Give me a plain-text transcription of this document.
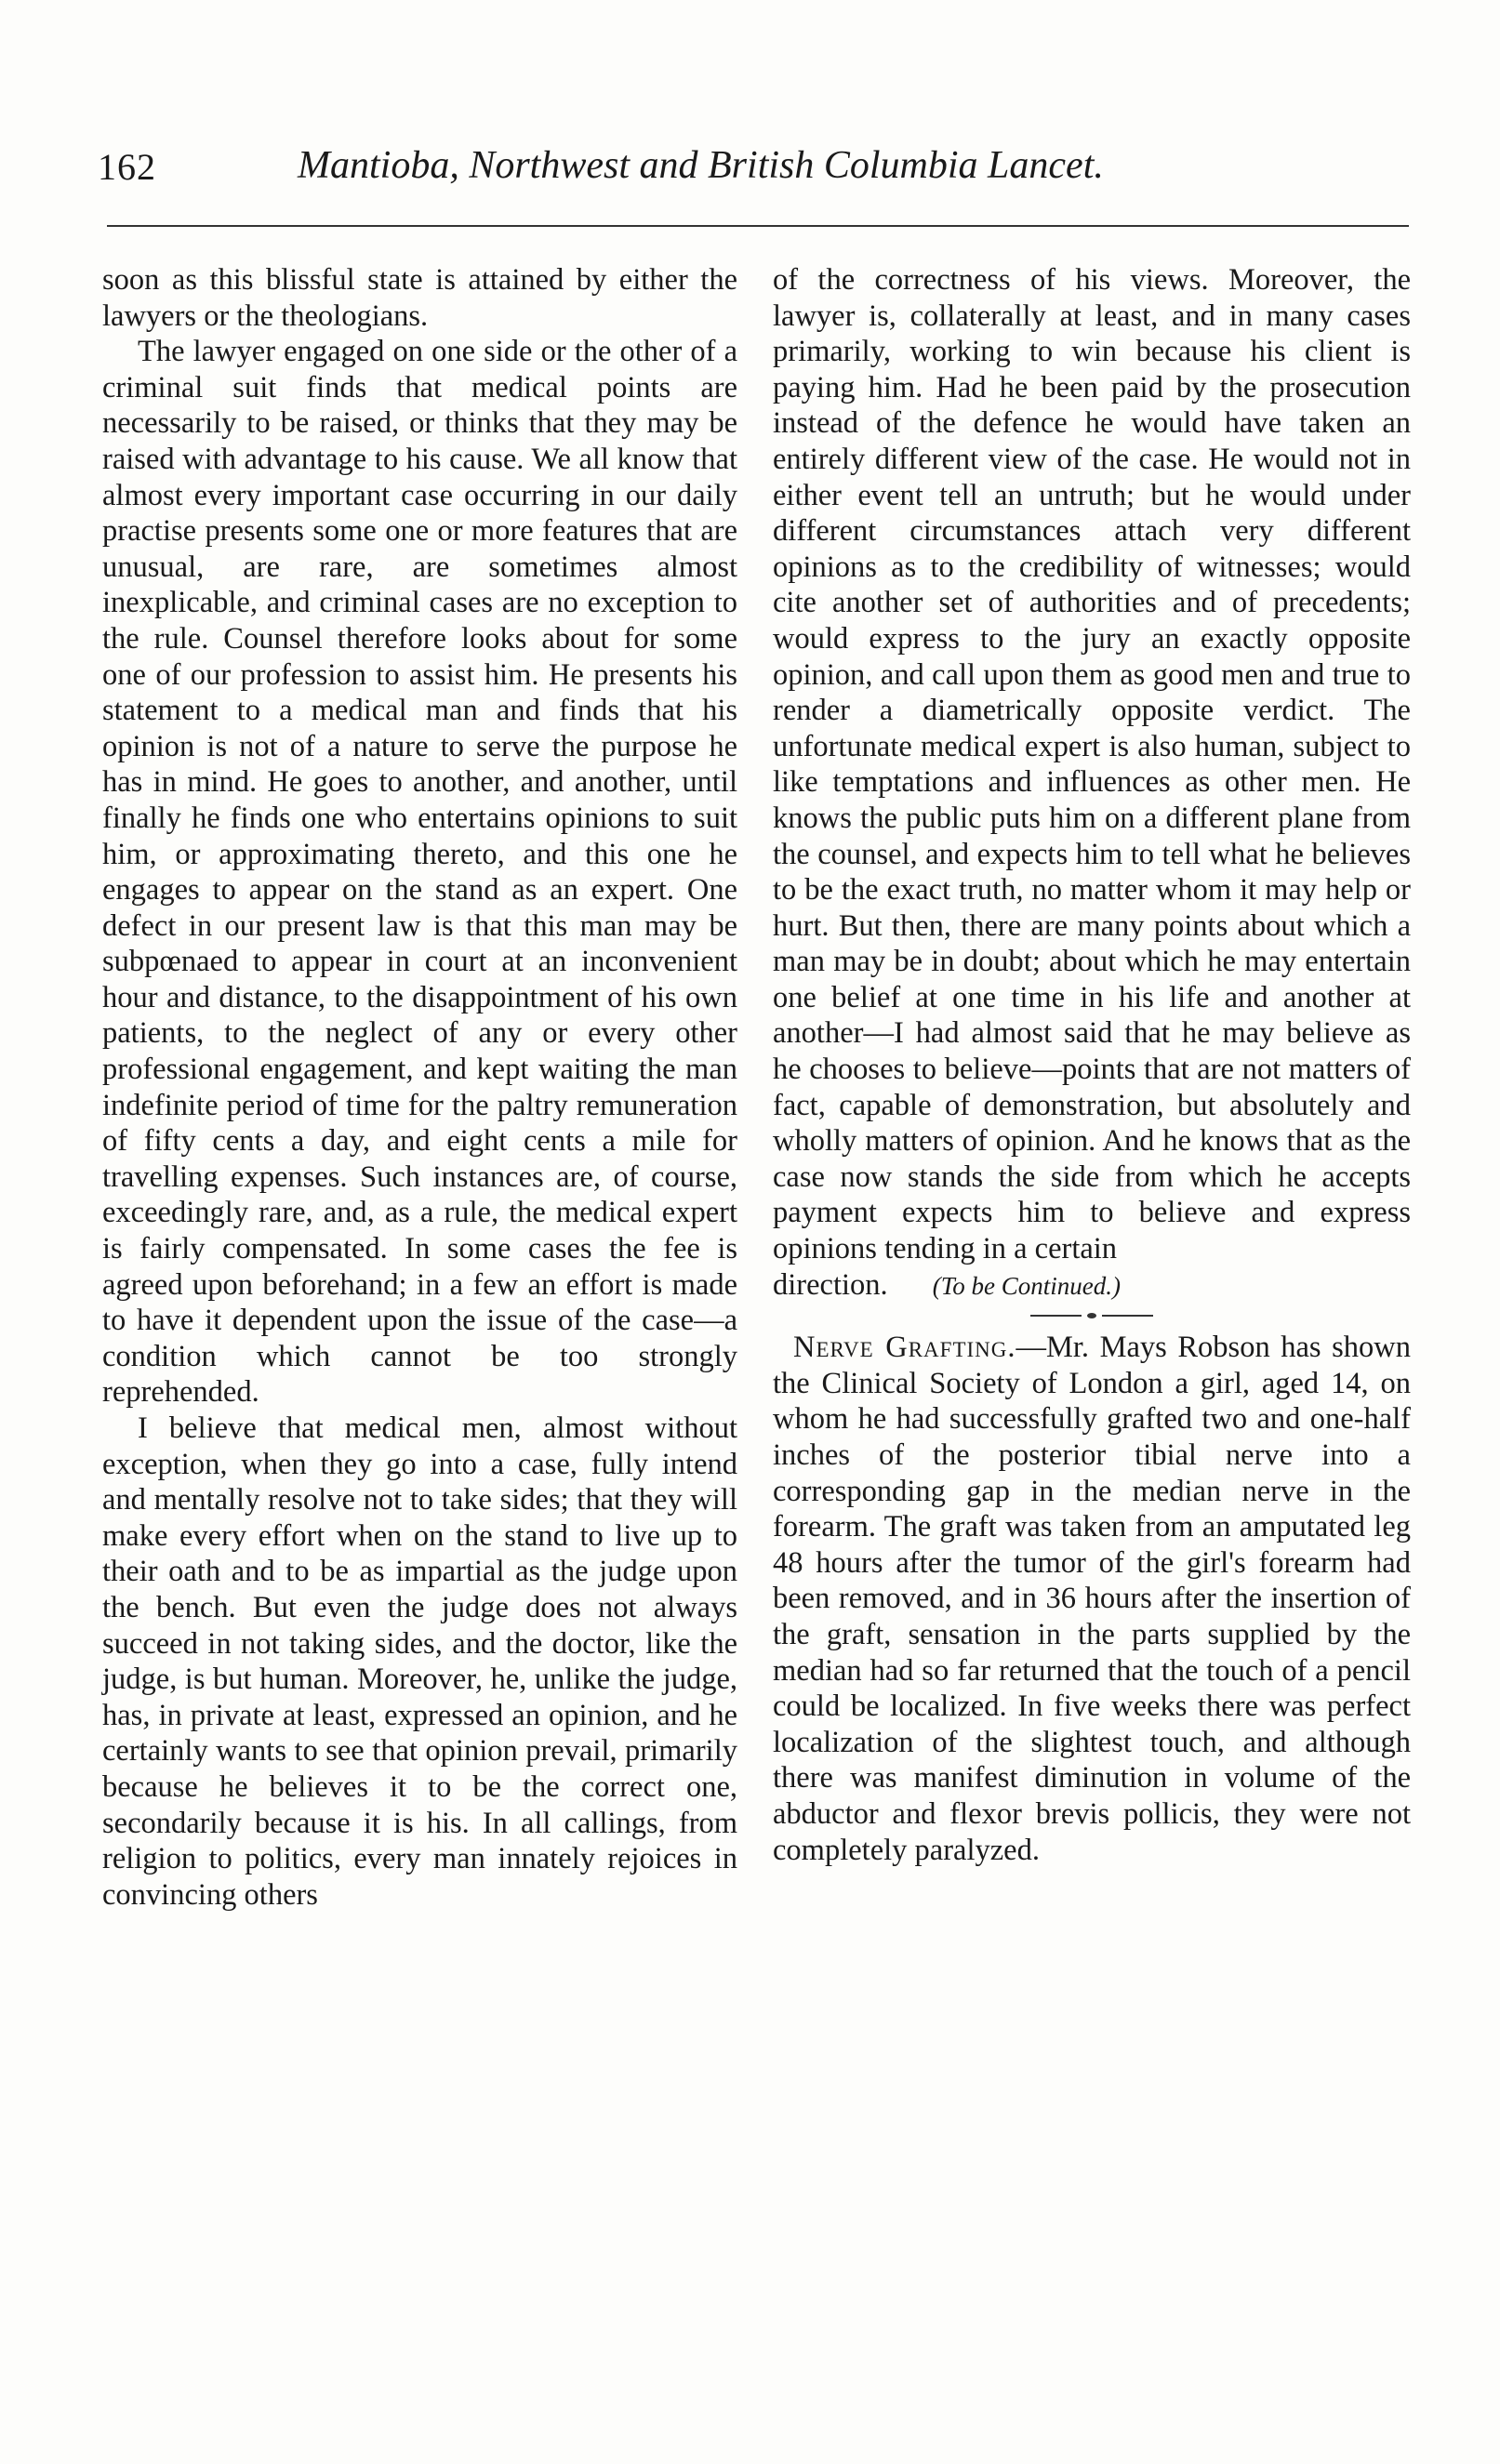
162	Mantioba, Northwest and British Columbia Lancet.

soon as this blissful state is attained by either the lawyers or the theologians.

The lawyer engaged on one side or the other of a criminal suit finds that medical points are necessarily to be raised, or thinks that they may be raised with advantage to his cause. We all know that almost every important case occurring in our daily practise presents some one or more features that are unusual, are rare, are sometimes almost inexplicable, and criminal cases are no exception to the rule. Counsel therefore looks about for some one of our profession to assist him. He presents his statement to a medical man and finds that his opinion is not of a nature to serve the purpose he has in mind. He goes to another, and another, until finally he finds one who entertains opinions to suit him, or approximating thereto, and this one he engages to appear on the stand as an expert. One defect in our present law is that this man may be subpœnaed to appear in court at an inconvenient hour and distance, to the disappointment of his own patients, to the neglect of any or every other professional engagement, and kept waiting the man indefinite period of time for the paltry remuneration of fifty cents a day, and eight cents a mile for travelling expenses. Such instances are, of course, exceedingly rare, and, as a rule, the medical expert is fairly compensated. In some cases the fee is agreed upon beforehand; in a few an effort is made to have it dependent upon the issue of the case—a condition which cannot be too strongly reprehended.

I believe that medical men, almost without exception, when they go into a case, fully intend and mentally resolve not to take sides; that they will make every effort when on the stand to live up to their oath and to be as impartial as the judge upon the bench. But even the judge does not always succeed in not taking sides, and the doctor, like the judge, is but human. Moreover, he, unlike the judge, has, in private at least, expressed an opinion, and he certainly wants to see that opinion prevail, primarily because he believes it to be the correct one, secondarily because it is his. In all callings, from religion to politics, every man innately rejoices in convincing others

of the correctness of his views. Moreover, the lawyer is, collaterally at least, and in many cases primarily, working to win because his client is paying him. Had he been paid by the prosecution instead of the defence he would have taken an entirely different view of the case. He would not in either event tell an untruth; but he would under different circumstances attach very different opinions as to the credibility of witnesses; would cite another set of authorities and of precedents; would express to the jury an exactly opposite opinion, and call upon them as good men and true to render a diametrically opposite verdict. The unfortunate medical expert is also human, subject to like temptations and influences as other men. He knows the public puts him on a different plane from the counsel, and expects him to tell what he believes to be the exact truth, no matter whom it may help or hurt. But then, there are many points about which a man may be in doubt; about which he may entertain one belief at one time in his life and another at another—I had almost said that he may believe as he chooses to believe—points that are not matters of fact, capable of demonstration, but absolutely and wholly matters of opinion. And he knows that as the case now stands the side from which he accepts payment expects him to believe and express opinions tending in a certain

direction. (To be Continued.)

Nerve Grafting.—Mr. Mays Robson has shown the Clinical Society of London a girl, aged 14, on whom he had successfully grafted two and one-half inches of the posterior tibial nerve into a corresponding gap in the median nerve in the forearm. The graft was taken from an amputated leg 48 hours after the tumor of the girl's forearm had been removed, and in 36 hours after the insertion of the graft, sensation in the parts supplied by the median had so far returned that the touch of a pencil could be localized. In five weeks there was perfect localization of the slightest touch, and although there was manifest diminution in volume of the abductor and flexor brevis pollicis, they were not completely paralyzed.
